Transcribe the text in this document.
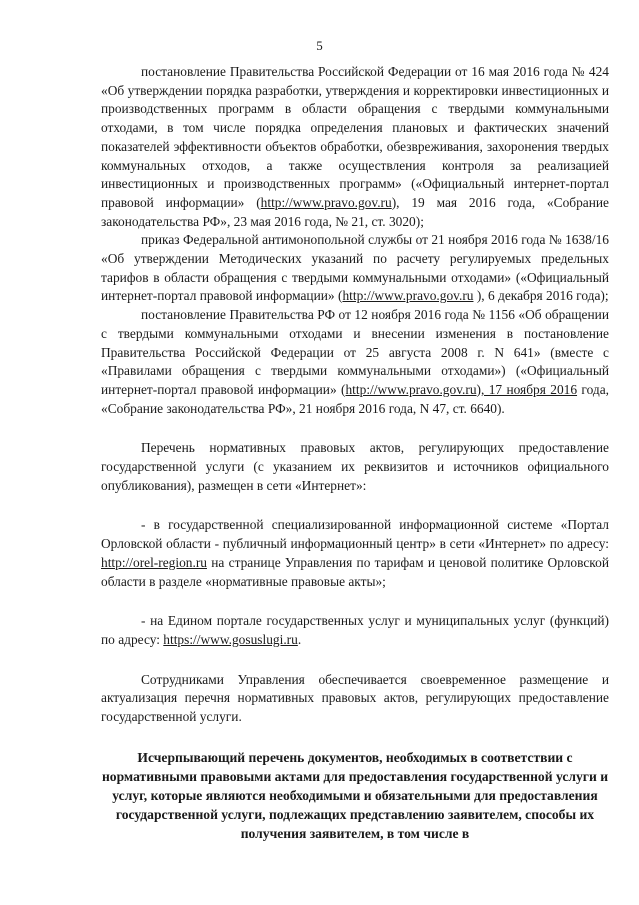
5

постановление Правительства Российской Федерации от 16 мая 2016 года № 424 «Об утверждении порядка разработки, утверждения и корректировки инвестиционных и производственных программ в области обращения с твердыми коммунальными отходами, в том числе порядка определения плановых и фактических значений показателей эффективности объектов обработки, обезвреживания, захоронения твердых коммунальных отходов, а также осуществления контроля за реализацией инвестиционных и производственных программ» («Официальный интернет-портал правовой информации» (http://www.pravo.gov.ru), 19 мая 2016 года, «Собрание законодательства РФ», 23 мая 2016 года, № 21, ст. 3020);

приказ Федеральной антимонопольной службы от 21 ноября 2016 года № 1638/16 «Об утверждении Методических указаний по расчету регулируемых предельных тарифов в области обращения с твердыми коммунальными отходами» («Официальный интернет-портал правовой информации» (http://www.pravo.gov.ru ), 6 декабря 2016 года);

постановление Правительства РФ от 12 ноября 2016 года № 1156 «Об обращении с твердыми коммунальными отходами и внесении изменения в постановление Правительства Российской Федерации от 25 августа 2008 г. N 641» (вместе с «Правилами обращения с твердыми коммунальными отходами») («Официальный интернет-портал правовой информации» (http://www.pravo.gov.ru), 17 ноября 2016 года, «Собрание законодательства РФ», 21 ноября 2016 года, N 47, ст. 6640).

Перечень нормативных правовых актов, регулирующих предоставление государственной услуги (с указанием их реквизитов и источников официального опубликования), размещен в сети «Интернет»:

- в государственной специализированной информационной системе «Портал Орловской области - публичный информационный центр» в сети «Интернет» по адресу: http://orel-region.ru на странице Управления по тарифам и ценовой политике Орловской области в разделе «нормативные правовые акты»;

- на Едином портале государственных услуг и муниципальных услуг (функций) по адресу: https://www.gosuslugi.ru.

Сотрудниками Управления обеспечивается своевременное размещение и актуализация перечня нормативных правовых актов, регулирующих предоставление государственной услуги.

Исчерпывающий перечень документов, необходимых в соответствии с нормативными правовыми актами для предоставления государственной услуги и услуг, которые являются необходимыми и обязательными для предоставления государственной услуги, подлежащих представлению заявителем, способы их получения заявителем, в том числе в
